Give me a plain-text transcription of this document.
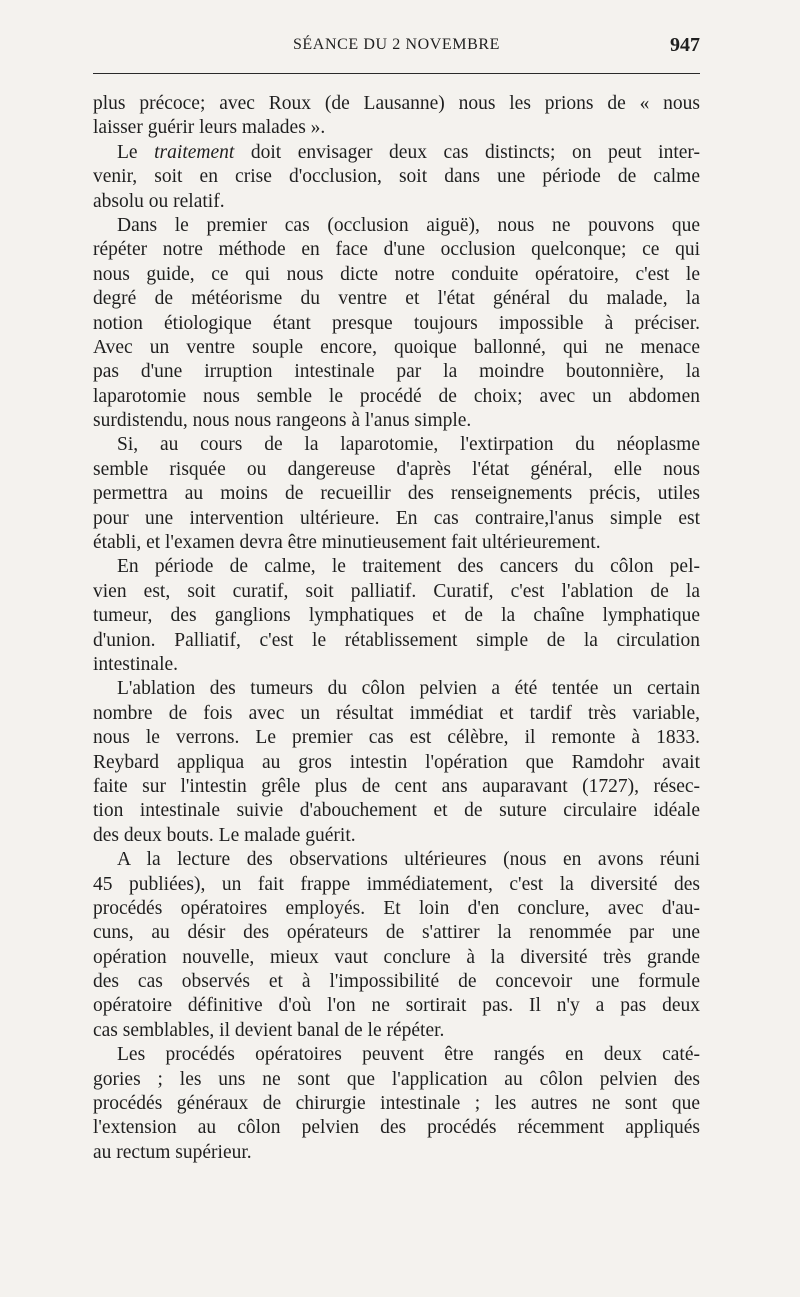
SÉANCE DU 2 NOVEMBRE	947
plus précoce; avec Roux (de Lausanne) nous les prions de « nous
laisser guérir leurs malades ».
Le traitement doit envisager deux cas distincts; on peut inter-
venir, soit en crise d'occlusion, soit dans une période de calme
absolu ou relatif.
Dans le premier cas (occlusion aiguë), nous ne pouvons que
répéter notre méthode en face d'une occlusion quelconque; ce qui
nous guide, ce qui nous dicte notre conduite opératoire, c'est le
degré de météorisme du ventre et l'état général du malade, la
notion étiologique étant presque toujours impossible à préciser.
Avec un ventre souple encore, quoique ballonné, qui ne menace
pas d'une irruption intestinale par la moindre boutonnière, la
laparotomie nous semble le procédé de choix; avec un abdomen
surdistendu, nous nous rangeons à l'anus simple.
Si, au cours de la laparotomie, l'extirpation du néoplasme
semble risquée ou dangereuse d'après l'état général, elle nous
permettra au moins de recueillir des renseignements précis, utiles
pour une intervention ultérieure. En cas contraire,l'anus simple est
établi, et l'examen devra être minutieusement fait ultérieurement.
En période de calme, le traitement des cancers du côlon pel-
vien est, soit curatif, soit palliatif. Curatif, c'est l'ablation de la
tumeur, des ganglions lymphatiques et de la chaîne lymphatique
d'union. Palliatif, c'est le rétablissement simple de la circulation
intestinale.
L'ablation des tumeurs du côlon pelvien a été tentée un certain
nombre de fois avec un résultat immédiat et tardif très variable,
nous le verrons. Le premier cas est célèbre, il remonte à 1833.
Reybard appliqua au gros intestin l'opération que Ramdohr avait
faite sur l'intestin grêle plus de cent ans auparavant (1727), résec-
tion intestinale suivie d'abouchement et de suture circulaire idéale
des deux bouts. Le malade guérit.
A la lecture des observations ultérieures (nous en avons réuni
45 publiées), un fait frappe immédiatement, c'est la diversité des
procédés opératoires employés. Et loin d'en conclure, avec d'au-
cuns, au désir des opérateurs de s'attirer la renommée par une
opération nouvelle, mieux vaut conclure à la diversité très grande
des cas observés et à l'impossibilité de concevoir une formule
opératoire définitive d'où l'on ne sortirait pas. Il n'y a pas deux
cas semblables, il devient banal de le répéter.
Les procédés opératoires peuvent être rangés en deux caté-
gories ; les uns ne sont que l'application au côlon pelvien des
procédés généraux de chirurgie intestinale ; les autres ne sont que
l'extension au côlon pelvien des procédés récemment appliqués
au rectum supérieur.
